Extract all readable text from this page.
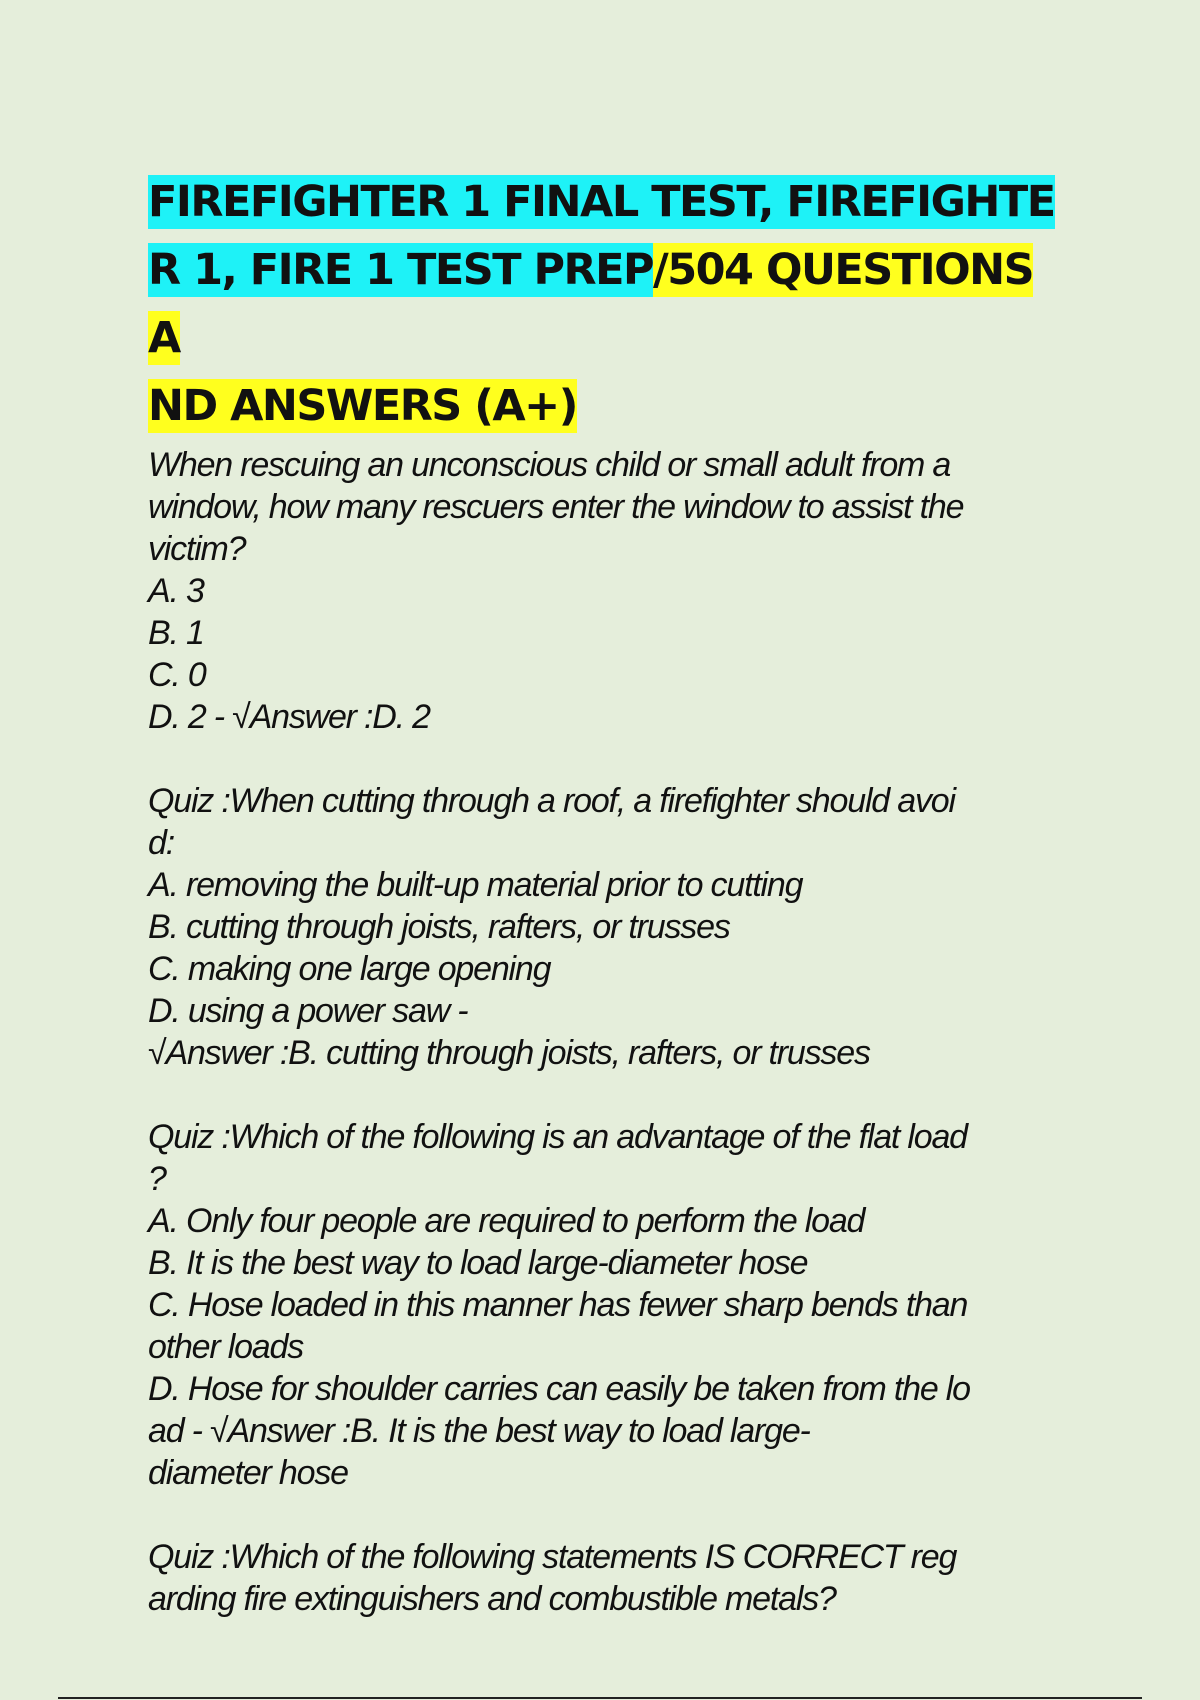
FIREFIGHTER 1 FINAL TEST, FIREFIGHTE
R 1, FIRE 1 TEST PREP/504 QUESTIONS A
ND ANSWERS (A+)
When rescuing an unconscious child or small adult from a
window, how many rescuers enter the window to assist the
victim?
A. 3
B. 1
C. 0
D. 2 - √Answer :D. 2
Quiz :When cutting through a roof, a firefighter should avoi
d:
A. removing the built-up material prior to cutting
B. cutting through joists, rafters, or trusses
C. making one large opening
D. using a power saw -
√Answer :B. cutting through joists, rafters, or trusses
Quiz :Which of the following is an advantage of the flat load
?
A. Only four people are required to perform the load
B. It is the best way to load large-diameter hose
C. Hose loaded in this manner has fewer sharp bends than
other loads
D. Hose for shoulder carries can easily be taken from the lo
ad - √Answer :B. It is the best way to load large-
diameter hose
Quiz :Which of the following statements IS CORRECT reg
arding fire extinguishers and combustible metals?
